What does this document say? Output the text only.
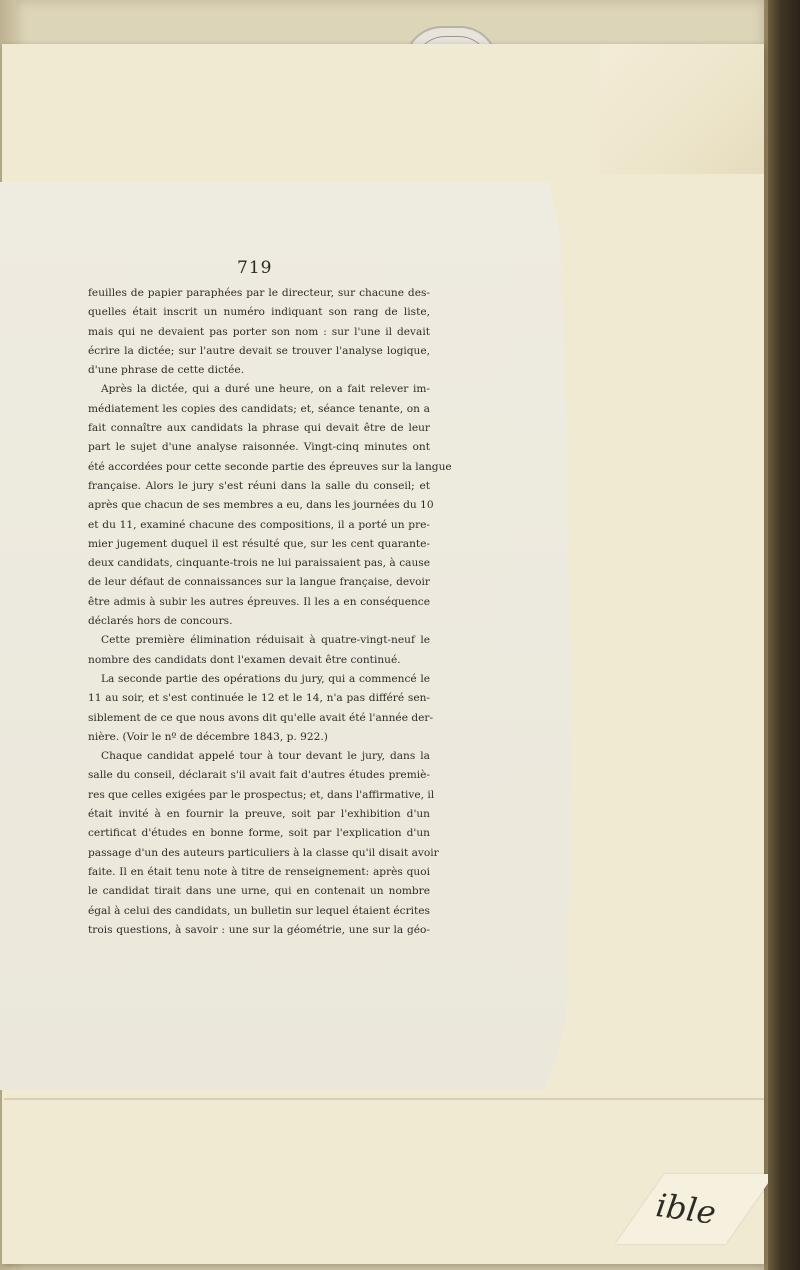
ible
719
feuilles de papier paraphées par le directeur, sur chacune des-
quelles était inscrit un numéro indiquant son rang de liste,
mais qui ne devaient pas porter son nom : sur l'une il devait
écrire la dictée; sur l'autre devait se trouver l'analyse logique,
d'une phrase de cette dictée.
Après la dictée, qui a duré une heure, on a fait relever im-
médiatement les copies des candidats; et, séance tenante, on a
fait connaître aux candidats la phrase qui devait être de leur
part le sujet d'une analyse raisonnée. Vingt-cinq minutes ont
été accordées pour cette seconde partie des épreuves sur la langue
française. Alors le jury s'est réuni dans la salle du conseil; et
après que chacun de ses membres a eu, dans les journées du 10
et du 11, examiné chacune des compositions, il a porté un pre-
mier jugement duquel il est résulté que, sur les cent quarante-
deux candidats, cinquante-trois ne lui paraissaient pas, à cause
de leur défaut de connaissances sur la langue française, devoir
être admis à subir les autres épreuves. Il les a en conséquence
déclarés hors de concours.
Cette première élimination réduisait à quatre-vingt-neuf le
nombre des candidats dont l'examen devait être continué.
La seconde partie des opérations du jury, qui a commencé le
11 au soir, et s'est continuée le 12 et le 14, n'a pas différé sen-
siblement de ce que nous avons dit qu'elle avait été l'année der-
nière. (Voir le nº de décembre 1843, p. 922.)
Chaque candidat appelé tour à tour devant le jury, dans la
salle du conseil, déclarait s'il avait fait d'autres études premiè-
res que celles exigées par le prospectus; et, dans l'affirmative, il
était invité à en fournir la preuve, soit par l'exhibition d'un
certificat d'études en bonne forme, soit par l'explication d'un
passage d'un des auteurs particuliers à la classe qu'il disait avoir
faite. Il en était tenu note à titre de renseignement: après quoi
le candidat tirait dans une urne, qui en contenait un nombre
égal à celui des candidats, un bulletin sur lequel étaient écrites
trois questions, à savoir : une sur la géométrie, une sur la géo-
